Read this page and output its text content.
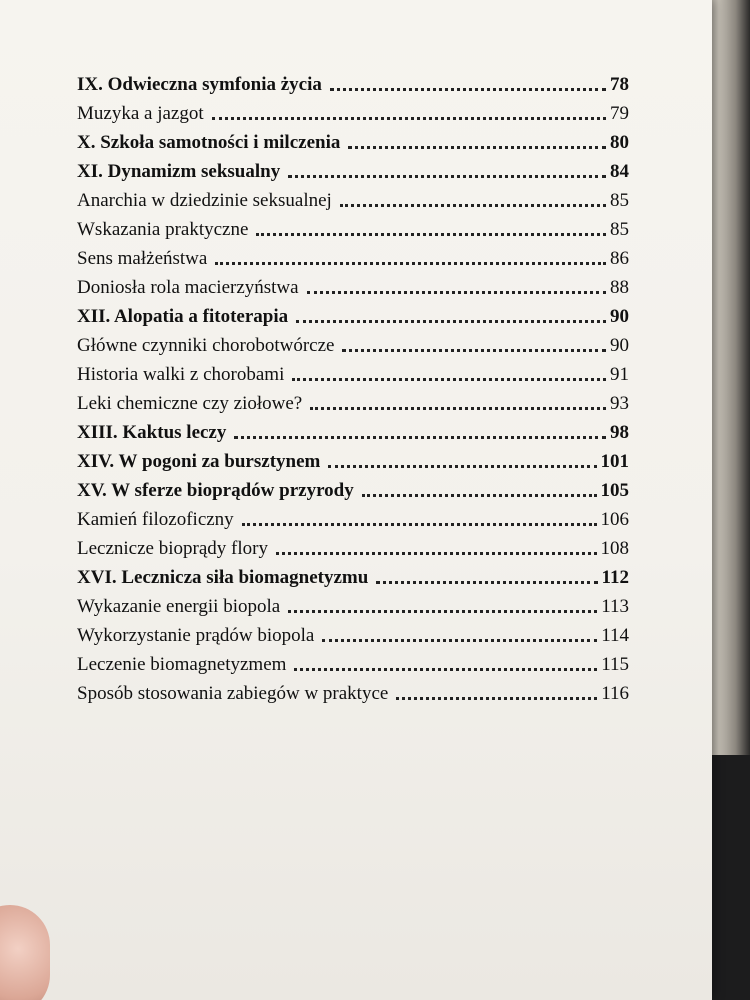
IX. Odwieczna symfonia życia	78
Muzyka a jazgot	79
X. Szkoła samotności i milczenia	80
XI. Dynamizm seksualny	84
Anarchia w dziedzinie seksualnej	85
Wskazania praktyczne	85
Sens małżeństwa	86
Doniosła rola macierzyństwa	88
XII. Alopatia a fitoterapia	90
Główne czynniki chorobotwórcze	90
Historia walki z chorobami	91
Leki chemiczne czy ziołowe?	93
XIII. Kaktus leczy	98
XIV. W pogoni za bursztynem	101
XV. W sferze bioprądów przyrody	105
Kamień filozoficzny	106
Lecznicze bioprądy flory	108
XVI. Lecznicza siła biomagnetyzmu	112
Wykazanie energii biopola	113
Wykorzystanie prądów biopola	114
Leczenie biomagnetyzmem	115
Sposób stosowania zabiegów w praktyce	116
